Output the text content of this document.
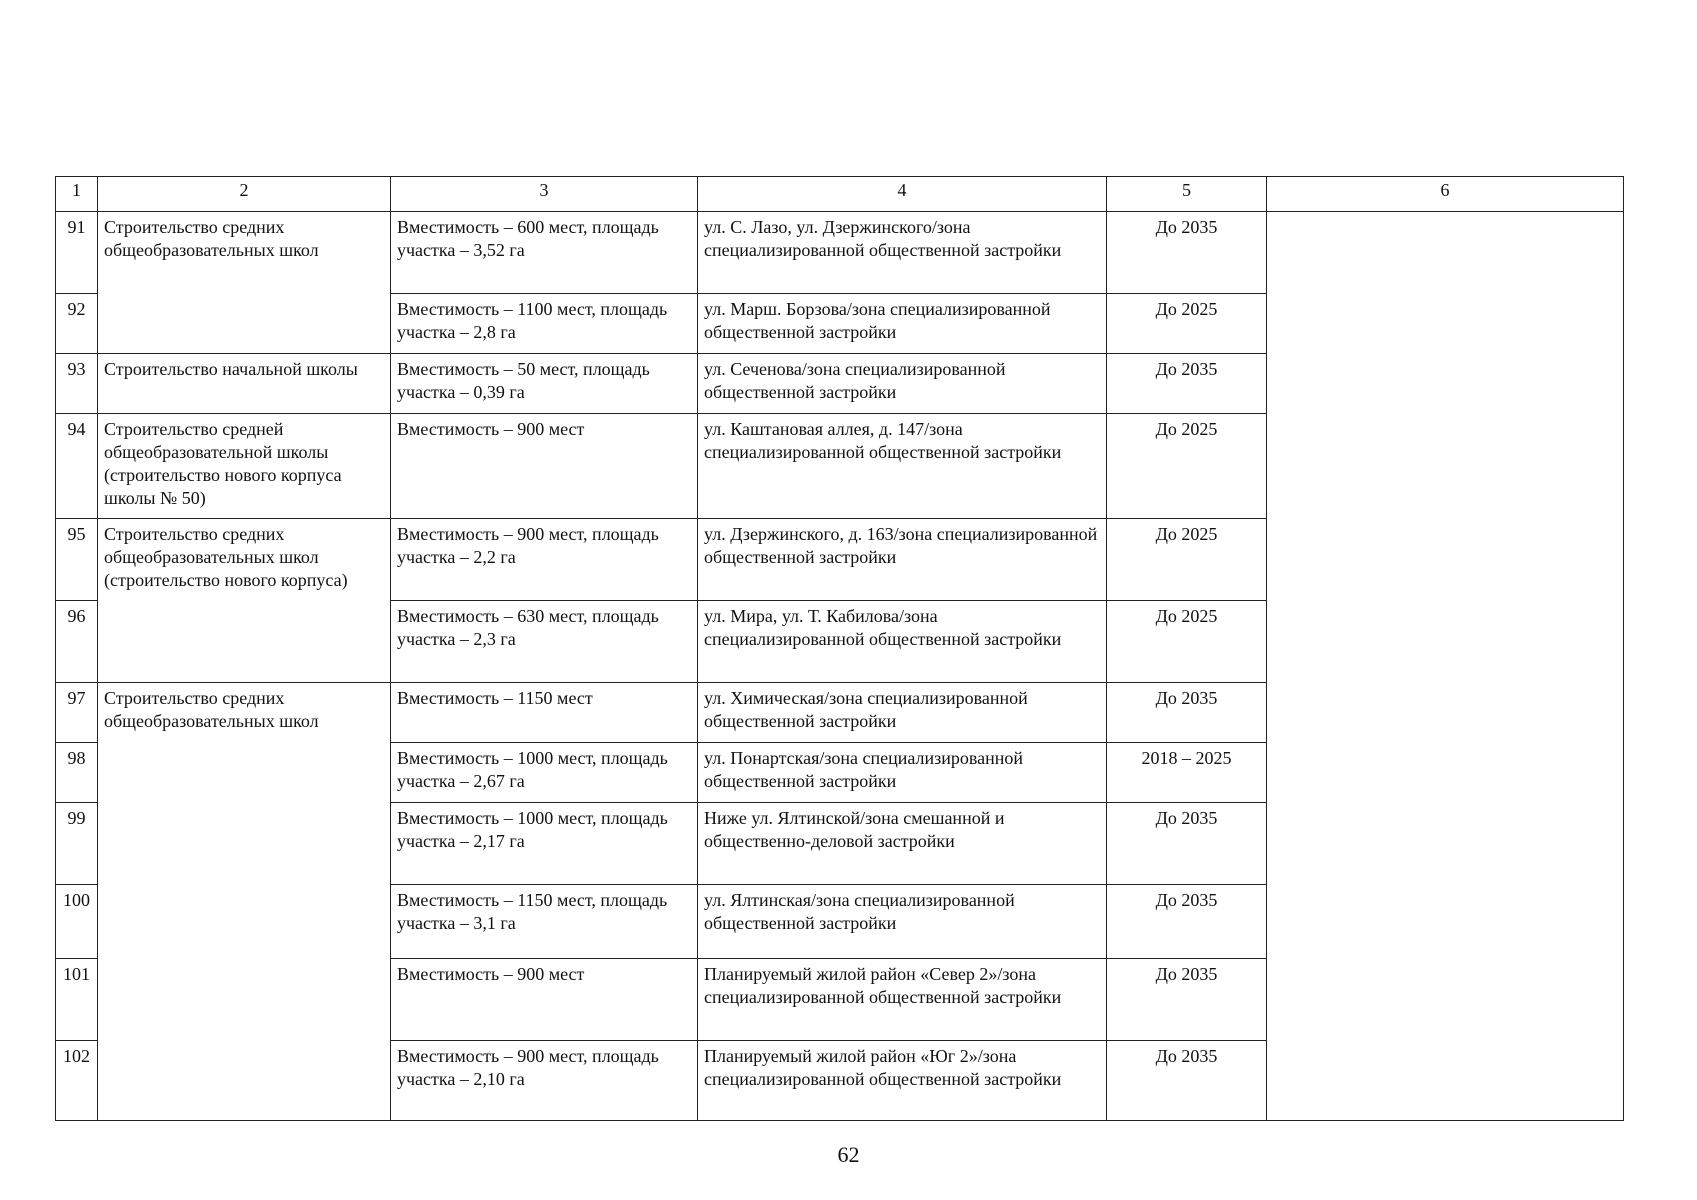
1	2	3	4	5	6
91	Строительство средних общеобразовательных школ	Вместимость – 600 мест, площадь участка – 3,52 га	ул. С. Лазо, ул. Дзержинского/зона специализированной общественной застройки	До 2035	
92		Вместимость – 1100 мест, площадь участка – 2,8 га	ул. Марш. Борзова/зона специализированной общественной застройки	До 2025	
93	Строительство начальной школы	Вместимость – 50 мест, площадь участка – 0,39 га	ул. Сеченова/зона специализированной общественной застройки	До 2035	
94	Строительство средней общеобразовательной школы (строительство нового корпуса школы № 50)	Вместимость – 900 мест	ул. Каштановая аллея, д. 147/зона специализированной общественной застройки	До 2025	
95	Строительство средних общеобразовательных школ (строительство нового корпуса)	Вместимость – 900 мест, площадь участка – 2,2 га	ул. Дзержинского, д. 163/зона специализированной общественной застройки	До 2025	
96		Вместимость – 630 мест, площадь участка – 2,3 га	ул. Мира, ул. Т. Кабилова/зона специализированной общественной застройки	До 2025	
97	Строительство средних общеобразовательных школ	Вместимость – 1150 мест	ул. Химическая/зона специализированной общественной застройки	До 2035	
98		Вместимость – 1000 мест, площадь участка – 2,67 га	ул. Понартская/зона специализированной общественной застройки	2018 – 2025	
99		Вместимость – 1000 мест, площадь участка – 2,17 га	Ниже ул. Ялтинской/зона смешанной и общественно-деловой застройки	До 2035	
100		Вместимость – 1150 мест, площадь участка – 3,1 га	ул. Ялтинская/зона специализированной общественной застройки	До 2035	
101		Вместимость – 900 мест	Планируемый жилой район «Север 2»/зона специализированной общественной застройки	До 2035	
102		Вместимость – 900 мест, площадь участка – 2,10 га	Планируемый жилой район «Юг 2»/зона специализированной общественной застройки	До 2035	
62
